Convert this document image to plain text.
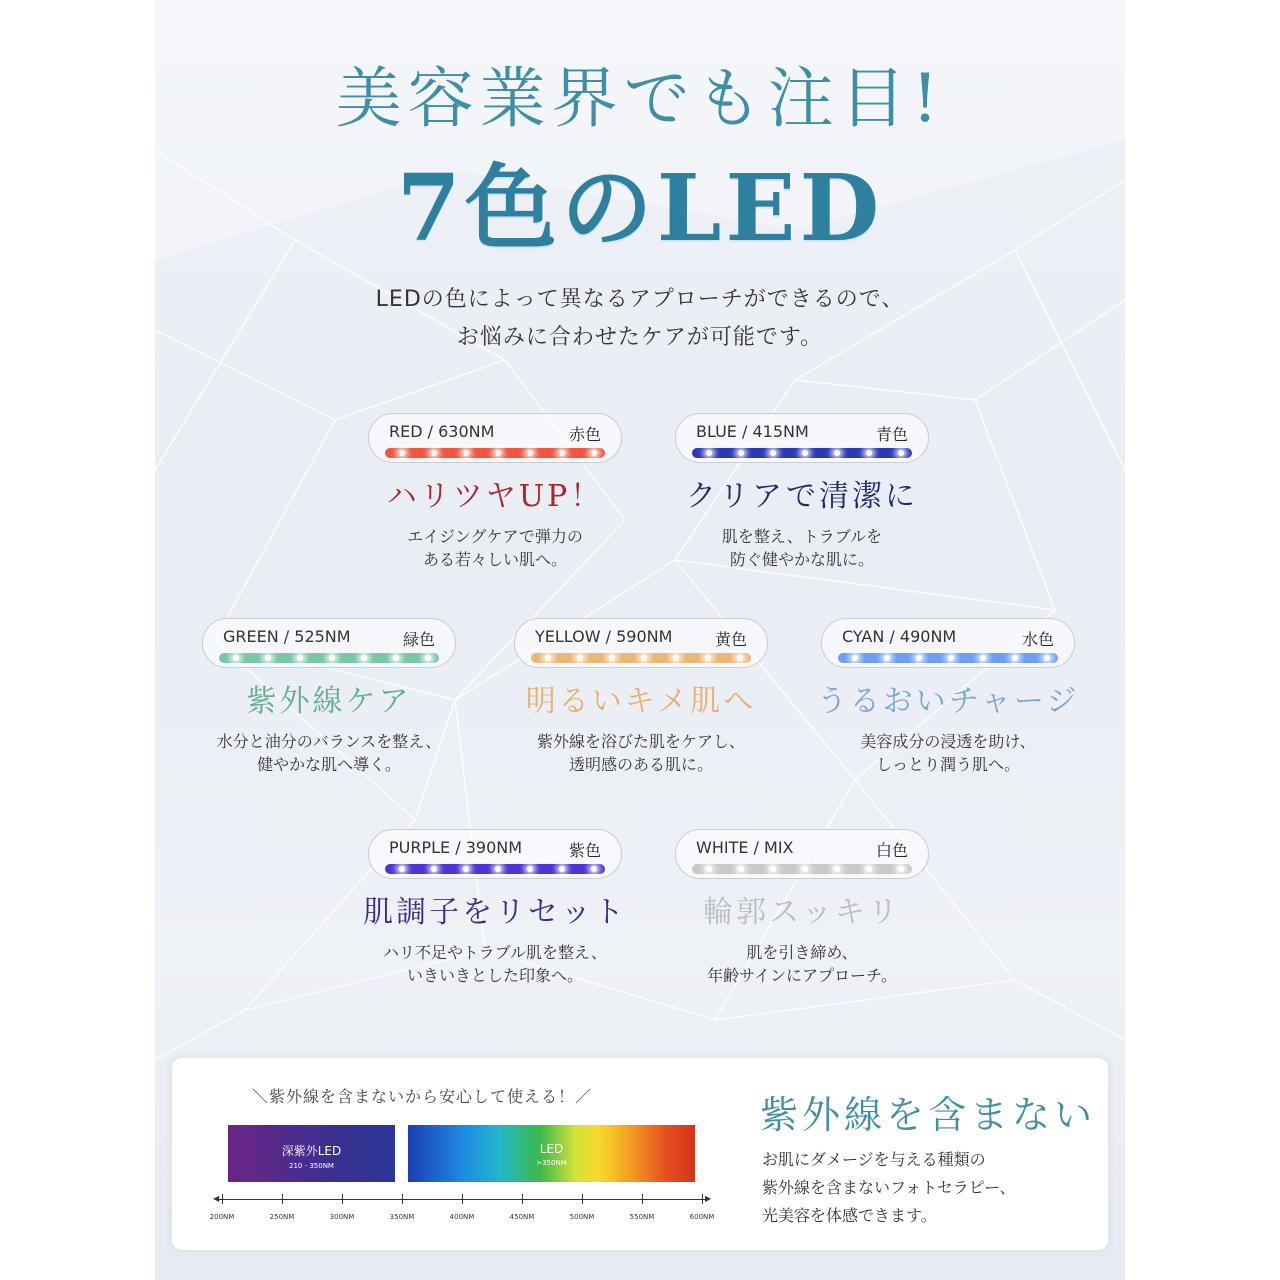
美容業界でも注目!
7色のLED
LEDの色によって異なるアプローチができるので、
お悩みに合わせたケアが可能です。
RED / 630NM	赤色
ハリツヤUP！
エイジングケアで弾力の
ある若々しい肌へ。
BLUE / 415NM	青色
クリアで清潔に
肌を整え、トラブルを
防ぐ健やかな肌に。
GREEN / 525NM	緑色
紫外線ケア
水分と油分のバランスを整え、
健やかな肌へ導く。
YELLOW / 590NM	黄色
明るいキメ肌へ
紫外線を浴びた肌をケアし、
透明感のある肌に。
CYAN / 490NM	水色
うるおいチャージ
美容成分の浸透を助け、
しっとり潤う肌へ。
PURPLE / 390NM	紫色
肌調子をリセット
ハリ不足やトラブル肌を整え、
いきいきとした印象へ。
WHITE / MIX	白色
輪郭スッキリ
肌を引き締め、
年齢サインにアプローチ。
＼紫外線を含まないから安心して使える！／
深紫外LED
210 - 350NM
LED
>350NM
◀	▶
200NM	250NM	300NM	350NM	400NM	450NM	500NM	550NM	600NM
紫外線を含まない
お肌にダメージを与える種類の
紫外線を含まないフォトセラピー、
光美容を体感できます。
